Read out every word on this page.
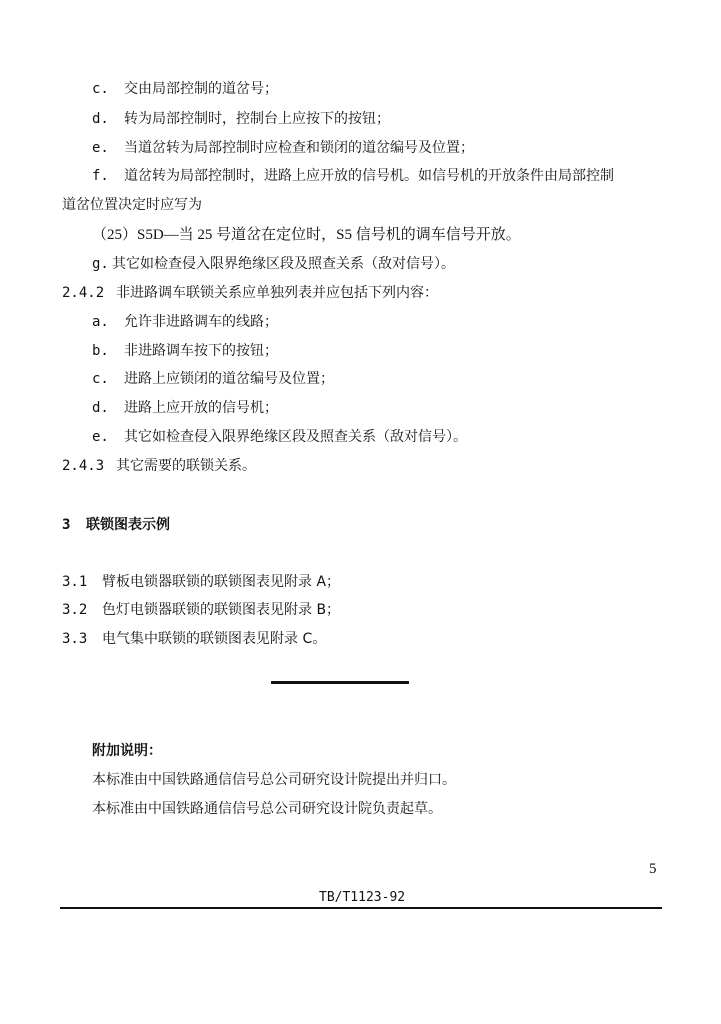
c. 交由局部控制的道岔号；
d. 转为局部控制时，控制台上应按下的按钮；
e. 当道岔转为局部控制时应检查和锁闭的道岔编号及位置；
f. 道岔转为局部控制时，进路上应开放的信号机。如信号机的开放条件由局部控制
道岔位置决定时应写为
（25）S5D—当 25 号道岔在定位时，S5 信号机的调车信号开放。
g. 其它如检查侵入限界绝缘区段及照查关系（敌对信号）。
2.4.2 非进路调车联锁关系应单独列表并应包括下列内容：
a. 允许非进路调车的线路；
b. 非进路调车按下的按钮；
c. 进路上应锁闭的道岔编号及位置；
d. 进路上应开放的信号机；
e. 其它如检查侵入限界绝缘区段及照查关系（敌对信号）。
2.4.3 其它需要的联锁关系。
3 联锁图表示例
3.1 臂板电锁器联锁的联锁图表见附录 A；
3.2 色灯电锁器联锁的联锁图表见附录 B；
3.3 电气集中联锁的联锁图表见附录 C。
附加说明：
本标准由中国铁路通信信号总公司研究设计院提出并归口。
本标准由中国铁路通信信号总公司研究设计院负责起草。
5
TB/T1123-92
